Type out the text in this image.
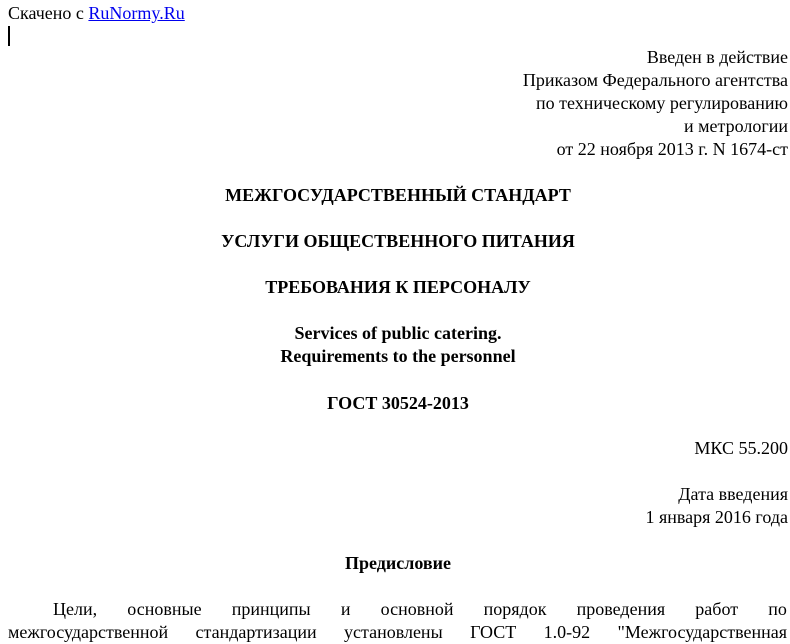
Скачено с RuNormy.Ru
Введен в действие
Приказом Федерального агентства
по техническому регулированию
и метрологии
от 22 ноября 2013 г. N 1674-ст
МЕЖГОСУДАРСТВЕННЫЙ СТАНДАРТ
УСЛУГИ ОБЩЕСТВЕННОГО ПИТАНИЯ
ТРЕБОВАНИЯ К ПЕРСОНАЛУ
Services of public catering.
Requirements to the personnel
ГОСТ 30524-2013
МКС 55.200
Дата введения
1 января 2016 года
Предисловие
Цели, основные принципы и основной порядок проведения работ по
межгосударственной стандартизации установлены ГОСТ 1.0-92 "Межгосударственная
